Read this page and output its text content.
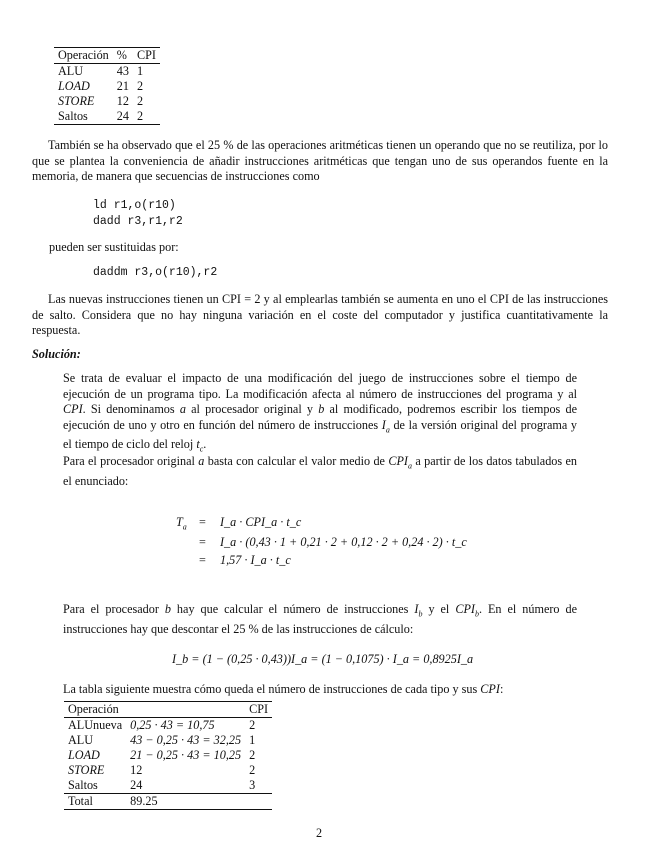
Operación	%	CPI
ALU	43	1
LOAD	21	2
STORE	12	2
Saltos	24	2
También se ha observado que el 25 % de las operaciones aritméticas tienen un operando que no se reutiliza, por lo que se plantea la conveniencia de añadir instrucciones aritméticas que tengan uno de sus operandos fuente en la memoria, de manera que secuencias de instrucciones como
ld r1,o(r10)
dadd r3,r1,r2
pueden ser sustituidas por:
daddm r3,o(r10),r2
Las nuevas instrucciones tienen un CPI = 2 y al emplearlas también se aumenta en uno el CPI de las instrucciones de salto. Considera que no hay ninguna variación en el coste del computador y justifica cuantitativamente la respuesta.
Solución:
Se trata de evaluar el impacto de una modificación del juego de instrucciones sobre el tiempo de ejecución de un programa tipo. La modificación afecta al número de instrucciones del programa y al CPI. Si denominamos a al procesador original y b al modificado, podremos escribir los tiempos de ejecución de uno y otro en función del número de instrucciones $I_a$ de la versión original del programa y el tiempo de ciclo del reloj $t_c$.
Para el procesador original a basta con calcular el valor medio de $CPI_a$ a partir de los datos tabulados en el enunciado:
$T_a$ =
=
=
I_a · CPI_a · t_c
I_a · (0,43 · 1 + 0,21 · 2 + 0,12 · 2 + 0,24 · 2) · t_c
1,57 · I_a · t_c
Para el procesador b hay que calcular el número de instrucciones $I_b$ y el $CPI_b$. En el número de instrucciones hay que descontar el 25 % de las instrucciones de cálculo:
I_b = (1 − (0,25 · 0,43))I_a = (1 − 0,1075) · I_a = 0,8925I_a
La tabla siguiente muestra cómo queda el número de instrucciones de cada tipo y sus CPI:
Operación		CPI
ALUnueva	0,25 · 43 = 10,75	2
ALU	43 − 0,25 · 43 = 32,25	1
LOAD	21 − 0,25 · 43 = 10,25	2
STORE	12	2
Saltos	24	3
Total	89.25	
2
